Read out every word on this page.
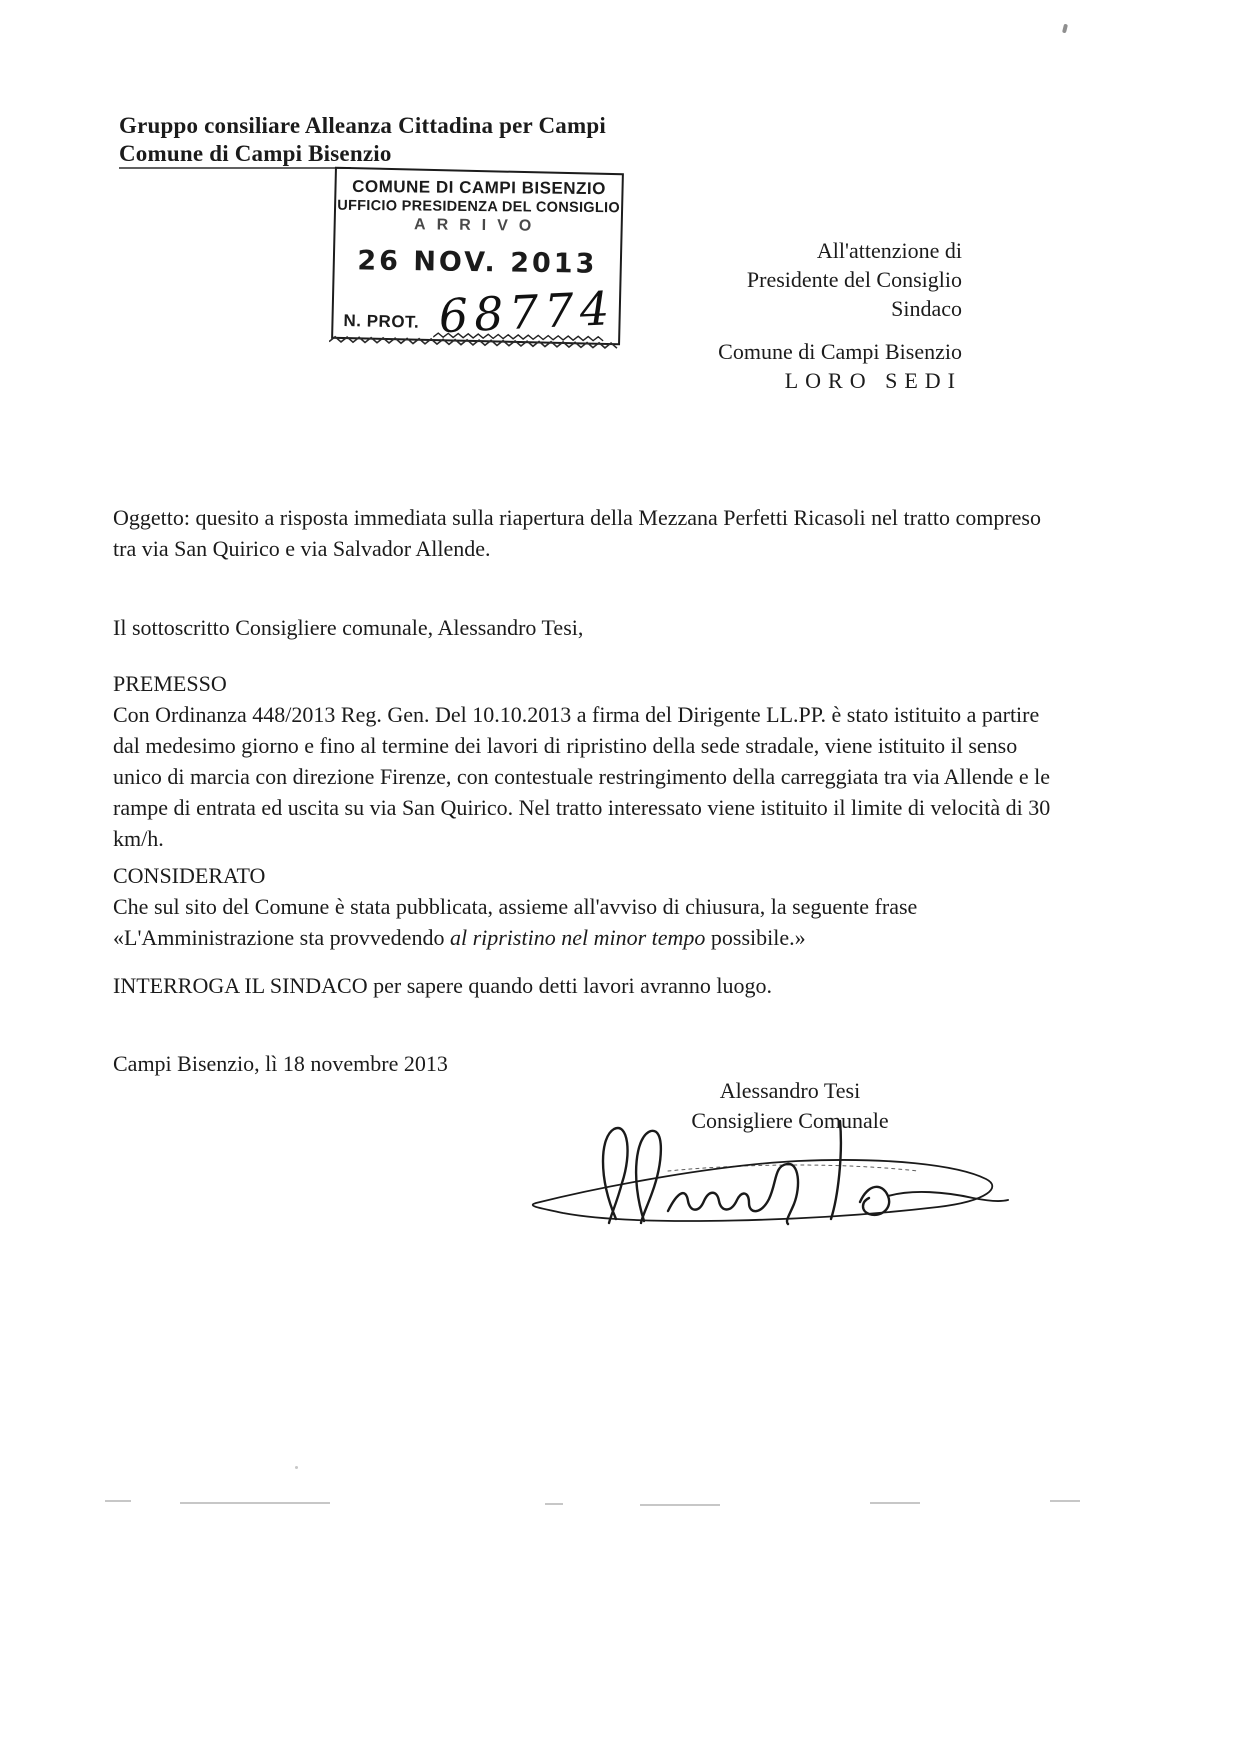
Gruppo consiliare Alleanza Cittadina per Campi
Comune di Campi Bisenzio
COMUNE DI CAMPI BISENZIO
UFFICIO PRESIDENZA DEL CONSIGLIO
ARRIVO
26 NOV. 2013
N. PROT. 68774
All'attenzione di
Presidente del Consiglio
Sindaco
Comune di Campi Bisenzio
LORO SEDI

Oggetto: quesito a risposta immediata sulla riapertura della Mezzana Perfetti Ricasoli nel tratto compreso tra via San Quirico e via Salvador Allende.

Il sottoscritto Consigliere comunale, Alessandro Tesi,

PREMESSO

Con Ordinanza 448/2013 Reg. Gen. Del 10.10.2013 a firma del Dirigente LL.PP. è stato istituito a partire dal medesimo giorno e fino al termine dei lavori di ripristino della sede stradale, viene istituito il senso unico di marcia con direzione Firenze, con contestuale restringimento della carreggiata tra via Allende e le rampe di entrata ed uscita su via San Quirico. Nel tratto interessato viene istituito il limite di velocità di 30 km/h.

CONSIDERATO

Che sul sito del Comune è stata pubblicata, assieme all'avviso di chiusura, la seguente frase «L'Amministrazione sta provvedendo al ripristino nel minor tempo possibile.»

INTERROGA IL SINDACO per sapere quando detti lavori avranno luogo.

Campi Bisenzio, lì 18 novembre 2013

Alessandro Tesi
Consigliere Comunale
